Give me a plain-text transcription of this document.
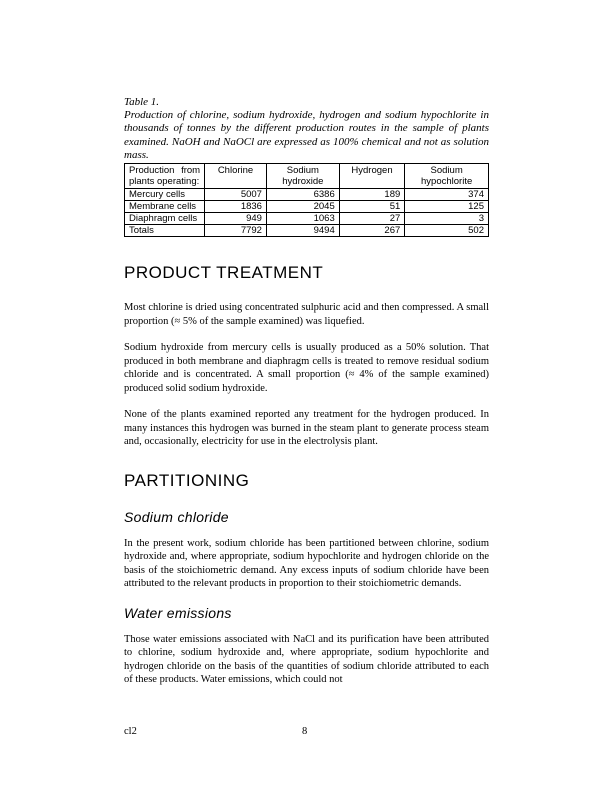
Table 1.
Production of chlorine, sodium hydroxide, hydrogen and sodium hypochlorite in thousands of tonnes by the different production routes in the sample of plants examined. NaOH and NaOCl are expressed as 100% chemical and not as solution mass.
Production from plants operating:	Chlorine	Sodium hydroxide	Hydrogen	Sodium hypochlorite
Mercury cells	5007	6386	189	374
Membrane cells	1836	2045	51	125
Diaphragm cells	949	1063	27	3
Totals	7792	9494	267	502
PRODUCT TREATMENT

Most chlorine is dried using concentrated sulphuric acid and then compressed. A small proportion (≈ 5% of the sample examined) was liquefied.

Sodium hydroxide from mercury cells is usually produced as a 50% solution. That produced in both membrane and diaphragm cells is treated to remove residual sodium chloride and is concentrated. A small proportion (≈ 4% of the sample examined) produced solid sodium hydroxide.

None of the plants examined reported any treatment for the hydrogen produced. In many instances this hydrogen was burned in the steam plant to generate process steam and, occasionally, electricity for use in the electrolysis plant.

PARTITIONING
Sodium chloride

In the present work, sodium chloride has been partitioned between chlorine, sodium hydroxide and, where appropriate, sodium hypochlorite and hydrogen chloride on the basis of the stoichiometric demand. Any excess inputs of sodium chloride have been attributed to the relevant products in proportion to their stoichiometric demands.

Water emissions

Those water emissions associated with NaCl and its purification have been attributed to chlorine, sodium hydroxide and, where appropriate, sodium hypochlorite and hydrogen chloride on the basis of the quantities of sodium chloride attributed to each of these products. Water emissions, which could not

cl2	8
